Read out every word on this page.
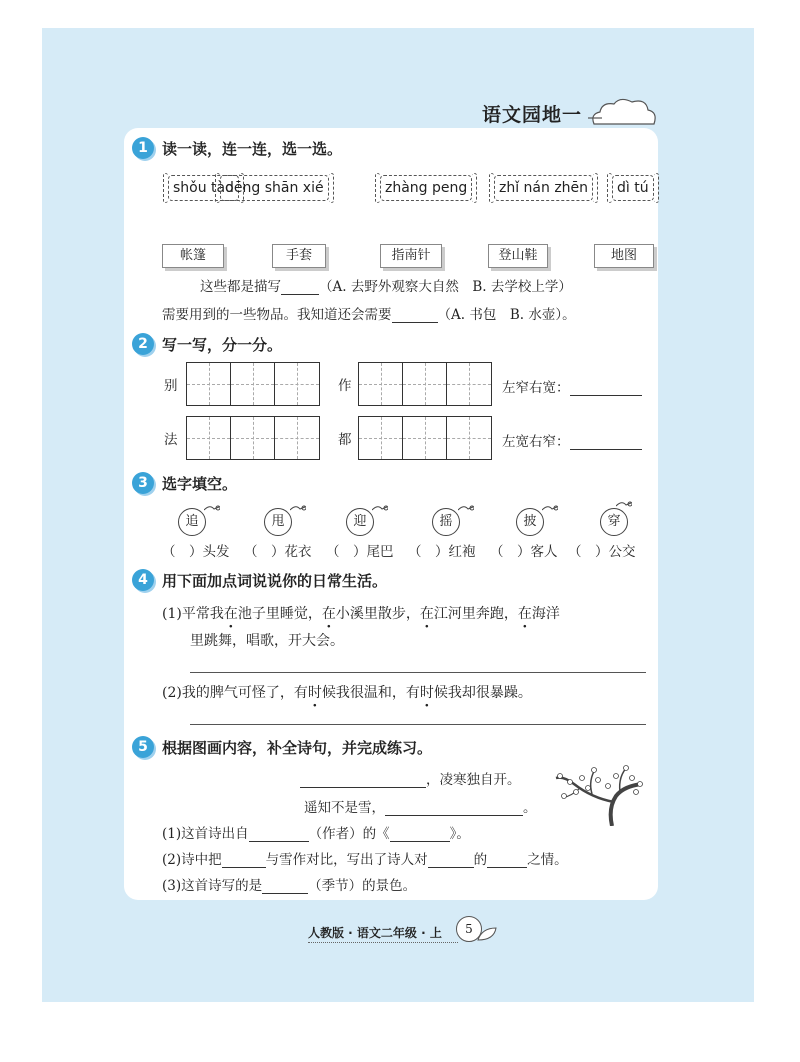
语文园地一
1 读一读，连一连，选一选。
shǒu tào
dēng shān xié	zhàng peng	zhǐ nán zhēn	dì tú
帐篷	手套	指南针	登山鞋	地图
这些都是描写	（A. 去野外观察大自然　B. 去学校上学）
需要用到的一些物品。我知道还会需要	（A. 书包　B. 水壶）。
2 写一写，分一分。
别	作	左窄右宽：
法	都	左宽右窄：
3 选字填空。
追	甩	迎	摇	披	穿
（　）头发 （　）花衣 （　）尾巴 （　）红袍 （　）客人 （　）公交
4 用下面加点词说说你的日常生活。
(1)平常我在池子里睡觉，在小溪里散步，在江河里奔跑，在海洋
里跳舞，唱歌，开大会。
(2)我的脾气可怪了，有时候我很温和，有时候我却很暴躁。
5 根据图画内容，补全诗句，并完成练习。
，凌寒独自开。
遥知不是雪，	。
(1)这首诗出自	（作者）的《	》。
(2)诗中把	与雪作对比，写出了诗人对	的	之情。
(3)这首诗写的是	（季节）的景色。
人教版 · 语文二年级 · 上	5
